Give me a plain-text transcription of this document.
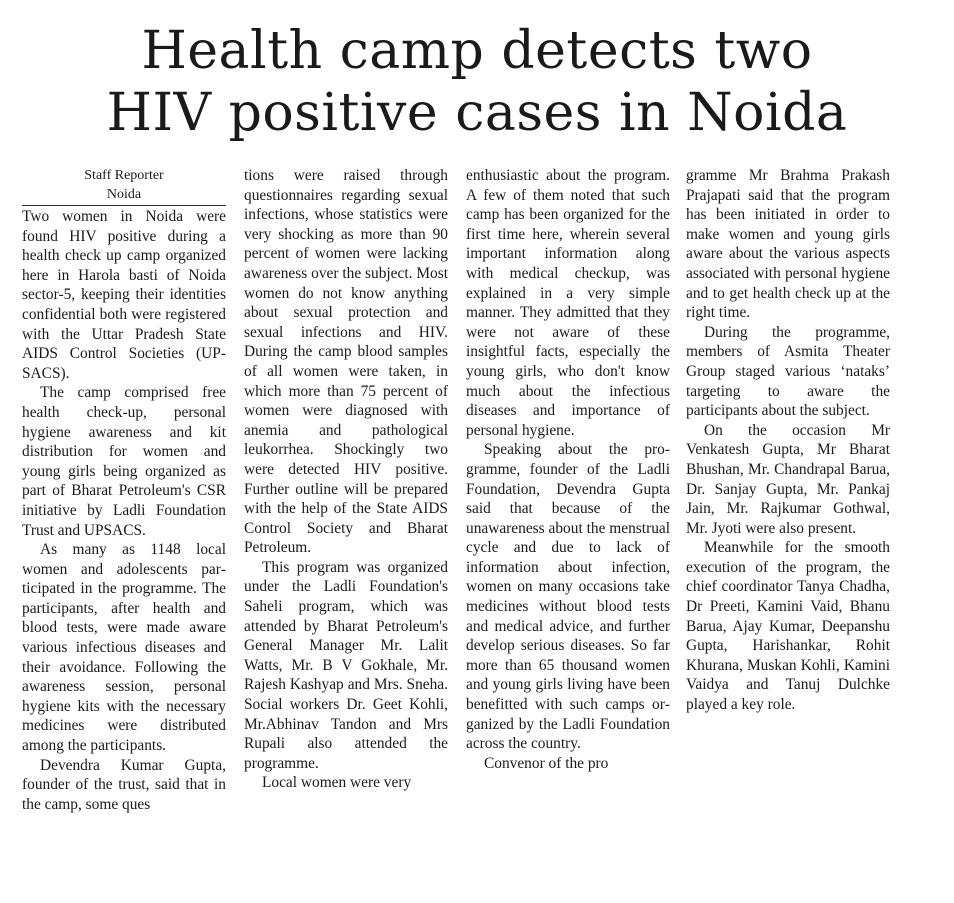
Health camp detects two
HIV positive cases in Noida
Staff Reporter
Noida

Two women in Noida were found HIV positive during a health check up camp organized here in Harola basti of Noida sector-5, keeping their identities confidential both were registered with the Uttar Pradesh State AIDS Control Societies (UPSACS).

The camp comprised free health check-up, personal hygiene awareness and kit distribution for women and young girls being organized as part of Bharat Petroleum's CSR initiative by Ladli Foundation Trust and UPSACS.

As many as 1148 local women and adolescents participated in the programme. The participants, after health and blood tests, were made aware various infectious diseases and their avoidance. Following the awareness session, personal hygiene kits with the necessary medicines were distributed among the participants.

Devendra Kumar Gupta, founder of the trust, said that in the camp, some ques

tions were raised through questionnaires regarding sexual infections, whose statistics were very shocking as more than 90 percent of women were lacking awareness over the subject. Most women do not know anything about sexual protection and sexual infections and HIV. During the camp blood samples of all women were taken, in which more than 75 percent of women were diagnosed with anemia and pathological leukorrhea. Shockingly two were detected HIV positive. Further outline will be prepared with the help of the State AIDS Control Society and Bharat Petroleum.

This program was organized under the Ladli Foundation's Saheli program, which was attended by Bharat Petroleum's General Manager Mr. Lalit Watts, Mr. B V Gokhale, Mr. Rajesh Kashyap and Mrs. Sneha. Social workers Dr. Geet Kohli, Mr.Abhinav Tandon and Mrs Rupali also attended the programme.

Local women were very

enthusiastic about the program. A few of them noted that such camp has been organized for the first time here, wherein several important information along with medical checkup, was explained in a very simple manner. They admitted that they were not aware of these insightful facts, especially the young girls, who don't know much about the infectious diseases and importance of personal hygiene.

Speaking about the programme, founder of the Ladli Foundation, Devendra Gupta said that because of the unawareness about the menstrual cycle and due to lack of information about infection, women on many occasions take medicines without blood tests and medical advice, and further develop serious diseases. So far more than 65 thousand women and young girls living have been benefitted with such camps organized by the Ladli Foundation across the country.

Convenor of the pro

gramme Mr Brahma Prakash Prajapati said that the program has been initiated in order to make women and young girls aware about the various aspects associated with personal hygiene and to get health check up at the right time.

During the programme, members of Asmita Theater Group staged various ‘nataks’ targeting to aware the participants about the subject.

On the occasion Mr Venkatesh Gupta, Mr Bharat Bhushan, Mr. Chandrapal Barua, Dr. Sanjay Gupta, Mr. Pankaj Jain, Mr. Rajkumar Gothwal, Mr. Jyoti were also present.

Meanwhile for the smooth execution of the program, the chief coordinator Tanya Chadha, Dr Preeti, Kamini Vaid, Bhanu Barua, Ajay Kumar, Deepanshu Gupta, Harishankar, Rohit Khurana, Muskan Kohli, Kamini Vaidya and Tanuj Dulchke played a key role.
